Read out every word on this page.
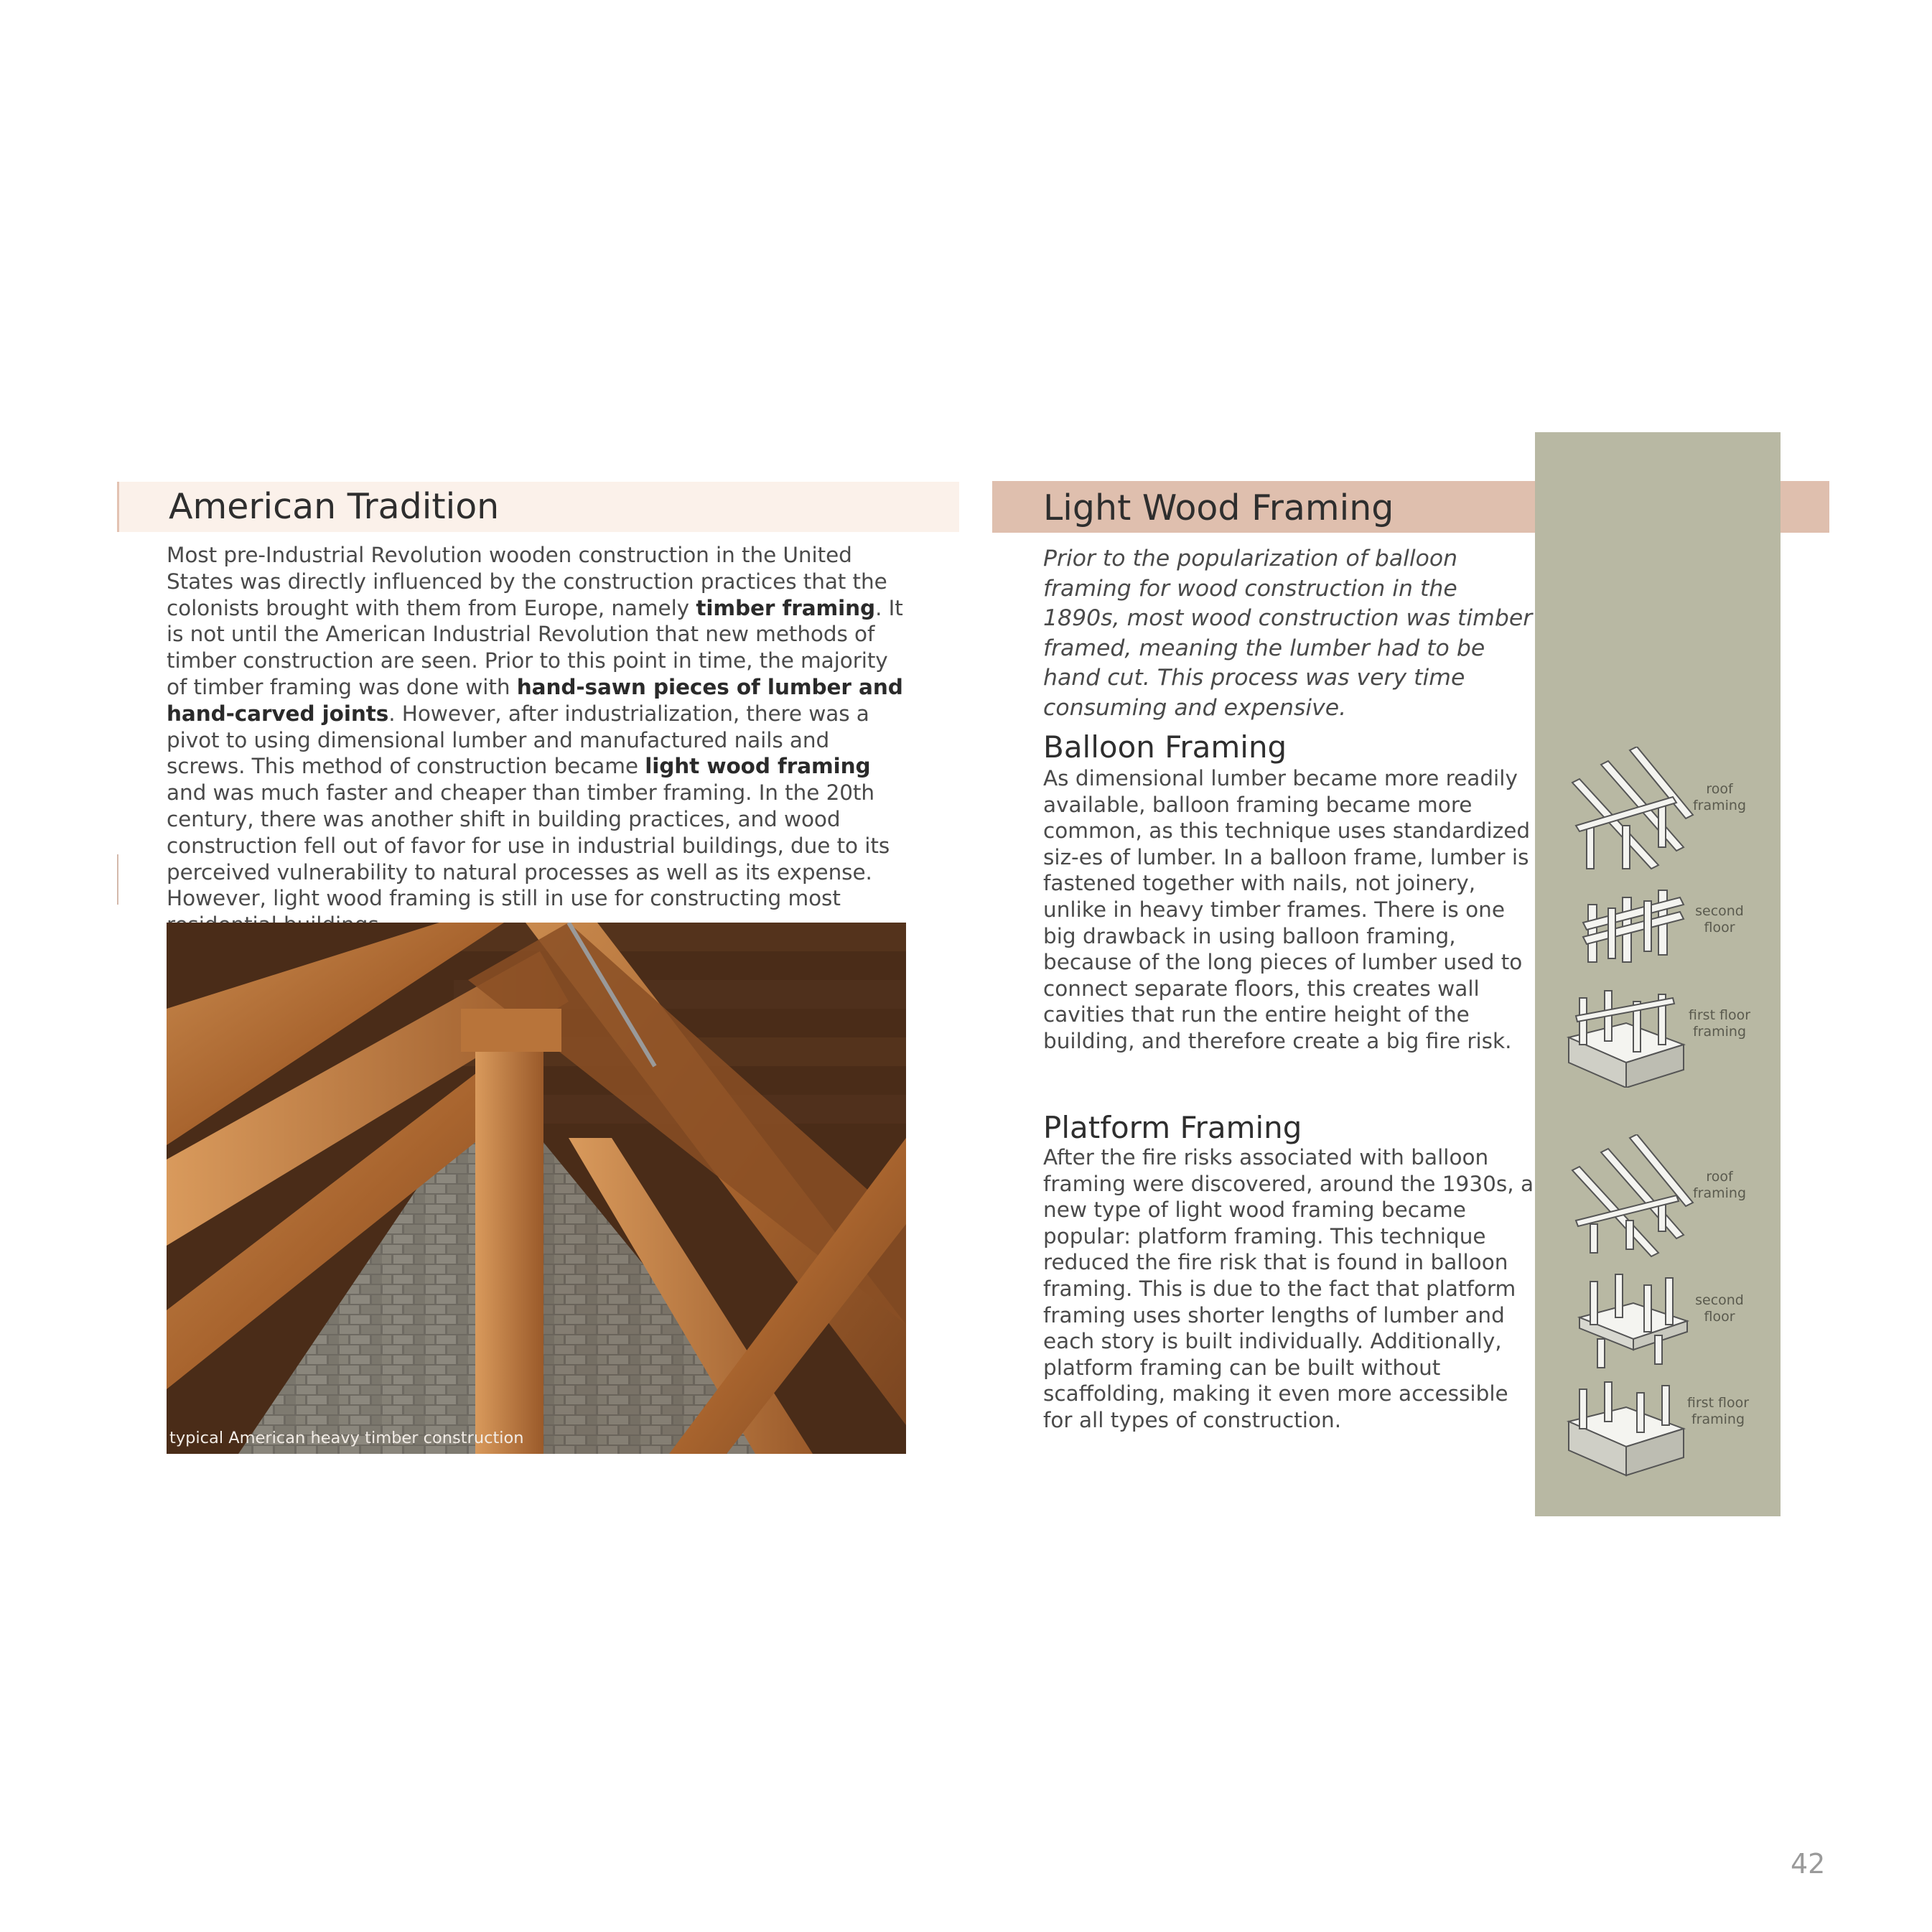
American Tradition

Most pre-Industrial Revolution wooden construction in the United States was directly influenced by the construction practices that the colonists brought with them from Europe, namely timber framing. It is not until the American Industrial Revolution that new methods of timber construction are seen. Prior to this point in time, the majority of timber framing was done with hand-sawn pieces of lumber and hand-carved joints. However, after industrialization, there was a pivot to using dimensional lumber and manufactured nails and screws. This method of construction became light wood framing and was much faster and cheaper than timber framing. In the 20th century, there was another shift in building practices, and wood construction fell out of favor for use in industrial buildings, due to its perceived vulnerability to natural processes as well as its expense. However, light wood framing is still in use for constructing most

typical American heavy timber construction
Light Wood Framing

Prior to the popularization of balloon framing for wood construction in the 1890s, most wood construction was timber framed, meaning the lumber had to be hand cut. This process was very time consuming and expensive.

Balloon Framing

As dimensional lumber became more readily available, balloon framing became more common, as this technique uses standardized siz-es of lumber. In a balloon frame, lumber is fastened together with nails, not joinery, unlike in heavy timber frames. There is one big drawback in using balloon framing, because of the long pieces of lumber used to connect separate floors, this creates wall cavities that run the entire height of the building, and therefore create a big fire risk.

Platform Framing

After the fire risks associated with balloon framing were discovered, around the 1930s, a new type of light wood framing became popular: platform framing. This technique reduced the fire risk that is found in balloon framing. This is due to the fact that platform framing uses shorter lengths of lumber and each story is built individually. Additionally, platform framing can be built without scaffolding, making it even more accessible for all types of construction.

roof framing
second floor
first floor framing
roof framing
second floor
first floor framing
42
